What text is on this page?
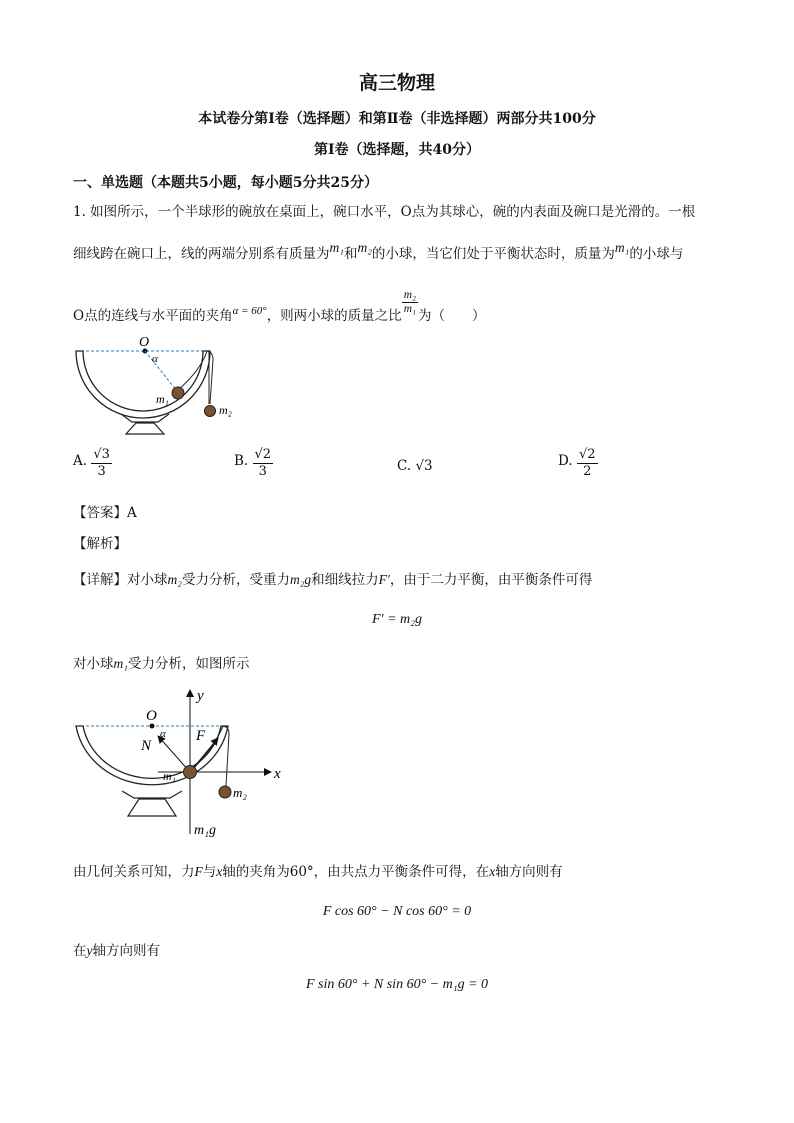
高三物理
本试卷分第Ⅰ卷（选择题）和第Ⅱ卷（非选择题）两部分共100分
第Ⅰ卷（选择题，共40分）
一、单选题（本题共5小题，每小题5分共25分）
1. 如图所示，一个半球形的碗放在桌面上，碗口水平，O点为其球心，碗的内表面及碗口是光滑的。一根
细线跨在碗口上，线的两端分别系有质量为m₁和m₂的小球，当它们处于平衡状态时，质量为m₁的小球与
O点的连线与水平面的夹角$^{\alpha = 60^\circ}$，则两小球的质量之比 $\frac{\text{m₂}}{\text{m₁}}$ 为（　　）
O
α
m₁
m₂
A. $\frac{√3}{3}$	B. $\frac{√2}{3}$	C. √3	D. $\frac{√2}{2}$
【答案】A
【解析】
【详解】对小球m₂受力分析，受重力m₂g和细线拉力F′，由于二力平衡，由平衡条件可得
F′ = m₂g
对小球m₁受力分析，如图所示
y
x
O
N
α F
m₁
m₂
m₁g
由几何关系可知，力F与x轴的夹角为60°，由共点力平衡条件可得，在x轴方向则有
F cos 60° − N cos 60° = 0
在y轴方向则有
F sin 60° + N sin 60° − m₁g = 0
